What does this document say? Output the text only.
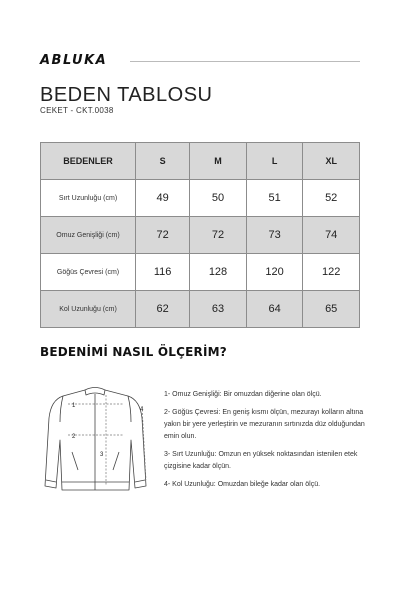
ABLUKA
BEDEN TABLOSU
CEKET - CKT.0038
BEDENLER	S	M	L	XL
Sırt Uzunluğu (cm)	49	50	51	52
Omuz Genişliği (cm)	72	72	73	74
Göğüs Çevresi (cm)	116	128	120	122
Kol Uzunluğu (cm)	62	63	64	65
BEDENİMİ NASIL ÖLÇERİM?
1
2
3
4
1- Omuz Genişliği: Bir omuzdan diğerine olan ölçü.
2- Göğüs Çevresi: En geniş kısmı ölçün, mezurayı kolların altına yakın bir yere yerleştirin ve mezuranın sırtınızda düz olduğundan emin olun.
3- Sırt Uzunluğu: Omzun en yüksek noktasından istenilen etek çizgisine kadar ölçün.
4- Kol Uzunluğu: Omuzdan bileğe kadar olan ölçü.
